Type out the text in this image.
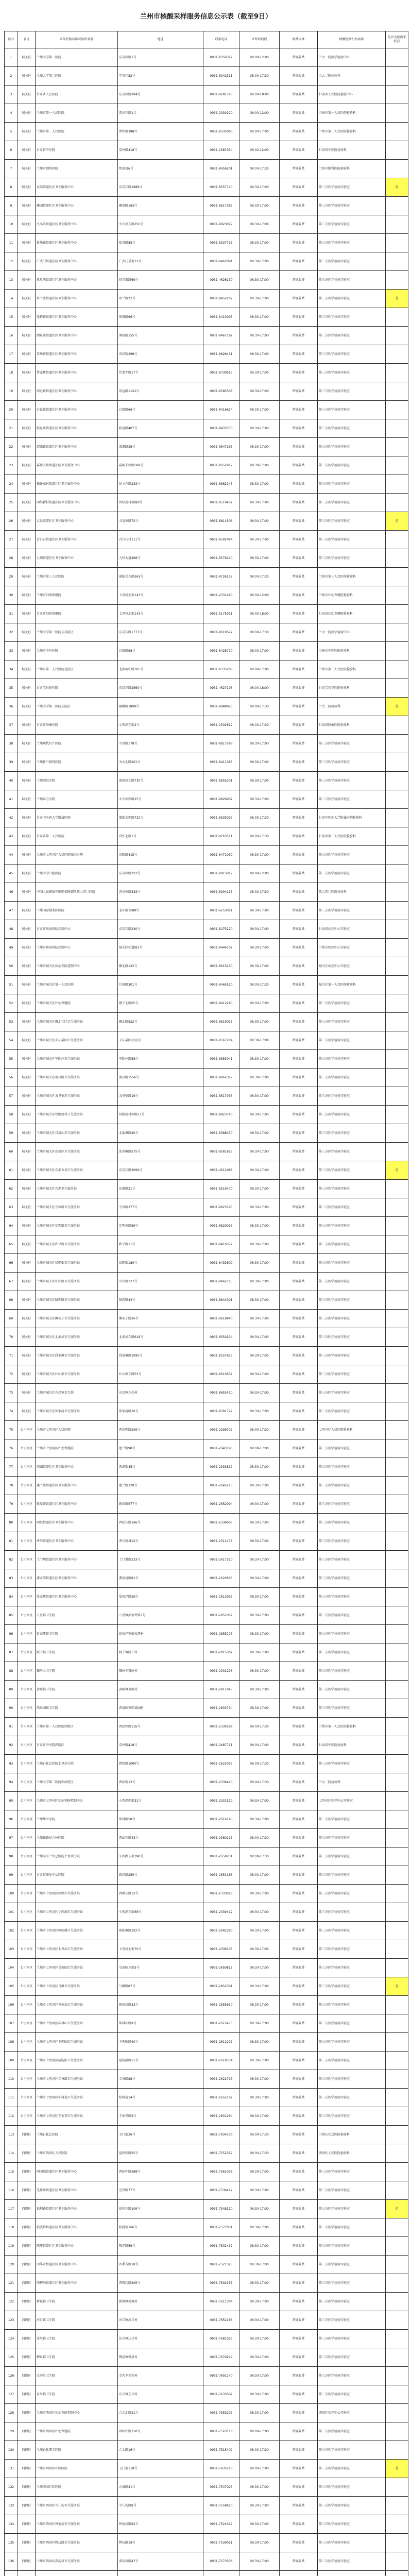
兰州市核酸采样服务信息公示表（截至9日）
序号	县区	采样机构名称或场所名称	地址	联系电话	采样时间段	收费标准	核酸检测机构名称	是否为最新采样点
1	城关区	兰州大学第一医院	东岗西路1号	0931-8356312	08:00-12:00	常规收费	兰大一院医学检验中心	
2	城关区	兰州大学第二医院	萃英门82号	0931-8942311	08:00-17:30	常规收费	兰大二院检验科	
3	城关区	甘肃省人民医院	东岗西路204号	0931-8281763	08:00-18:00	常规收费	甘肃省人民医院检验中心	
4	城关区	兰州市第一人民医院	西津东路1号	0931-2330120	08:00-12:00	常规收费	兰州市第一人民医院检验科	
5	城关区	兰州市第二人民医院	共和路388号	0931-8335060	08:00-17:00	常规收费	兰州市第二人民医院检验科	
6	城关区	甘肃省中医院	瓜州路418号	0931-2687034	08:00-12:00	常规收费	甘肃省中医院检验科	
7	城关区	兰州市肺科医院	焦家湾6号	0931-8456201	08:00-17:30	常规收费	兰州市肺科医院检验科	
8	城关区	东岗街道社区卫生服务中心	东岗东路1688号	0931-8557740	08:30-17:00	常规收费	第三方医学检验实验室	是
9	城关区	雁园街道社区卫生服务中心	雁南路163号	0931-8617382	08:30-17:00	常规收费	第三方医学检验实验室	
10	城关区	火车站街道社区卫生服务中心	火车站东路250号	0931-8823017	08:30-17:00	常规收费	第三方医学检验实验室	
11	城关区	盐场路街道社区卫生服务中心	盐场路85号	0931-8337716	08:30-17:00	常规收费	第三方医学检验实验室	
12	城关区	广武门街道社区卫生服务中心	广武门后街12号	0931-8462091	08:30-17:00	常规收费	第三方医学检验实验室	
13	城关区	拱星墩街道社区卫生服务中心	拱星墩路69号	0931-4626130	08:30-17:00	常规收费	第三方医学检验实验室	
14	城关区	皋兰路街道社区卫生服务中心	皋兰路22号	0931-8452207	08:30-17:00	常规收费	第三方医学检验实验室	是
15	城关区	张掖路街道社区卫生服务中心	张掖路96号	0931-8413095	08:30-17:00	常规收费	第三方医学检验实验室	
16	城关区	酒泉路街道社区卫生服务中心	酒泉路155号	0931-8467182	08:30-17:00	常规收费	第三方医学检验实验室	
17	城关区	草场街街道社区卫生服务中心	草场街298号	0931-8826431	08:30-17:00	常规收费	第三方医学检验实验室	
18	城关区	伏龙坪街道社区卫生服务中心	伏龙坪路17号	0931-8730925	08:30-17:00	常规收费	第三方医学检验实验室	
19	城关区	靖远路街道社区卫生服务中心	靖远路1122号	0931-8585308	08:30-17:00	常规收费	第三方医学检验实验室	
20	城关区	白银路街道社区卫生服务中心	白银路66号	0931-8416624	08:30-17:00	常规收费	第三方医学检验实验室	
21	城关区	临夏路街道社区卫生服务中心	临夏路407号	0931-8433750	08:30-17:00	常规收费	第三方医学检验实验室	
22	城关区	渭源路街道社区卫生服务中心	渭源路38号	0931-8847263	08:30-17:00	常规收费	第三方医学检验实验室	
23	城关区	嘉峪关路街道社区卫生服务中心	嘉峪关西路589号	0931-8652917	08:30-17:00	常规收费	第三方医学检验实验室	
24	城关区	铁路东村街道社区卫生服务中心	民主东路233号	0931-8862145	08:30-17:00	常规收费	第三方医学检验实验室	
25	城关区	团结新村街道社区卫生服务中心	团结新村南路8号	0931-8510432	08:30-17:00	常规收费	第三方医学检验实验室	
26	城关区	五泉街道社区卫生服务中心	五泉南路72号	0931-8814306	08:30-17:00	常规收费	第三方医学检验实验室	是
27	城关区	青白石街道社区卫生服务中心	青白石村111号	0931-8592044	08:30-17:00	常规收费	第三方医学检验实验室	
28	城关区	九州街道社区卫生服务中心	九州大道468号	0931-8576210	08:30-17:00	常规收费	第三方医学检验实验室	
29	城关区	兰州市第三人民医院	嘉峪关东路361号	0931-8726152	08:00-17:30	常规收费	兰州市第三人民医院检验科	
30	城关区	兰州市妇幼保健院	七里河北街143号	0931-2331460	08:00-12:00	常规收费	兰州市妇幼保健院检验科	
31	城关区	甘肃省妇幼保健院	七里河北街143号	0931-5175911	08:00-18:00	常规收费	甘肃省妇幼保健院检验科	
32	城关区	兰州大学第一医院东岗院区	东岗东路1777号	0931-8619522	08:00-17:30	常规收费	兰大一院医学检验中心	
33	城关区	兰州市中医医院	白银路98号	0931-8428710	08:00-17:00	常规收费	兰州市中医医院检验科	
34	城关区	兰州市第二人民医院北院区	北滨河中路305号	0931-8335288	08:00-17:00	常规收费	兰州市第二人民医院检验科	
35	城关区	甘肃宝石花医院	东岗东路2560号	0931-4627193	08:00-18:00	常规收费	甘肃宝石花医院检验科	
36	城关区	兰州大学第二医院东院区	雁滩路1899号	0931-8948023	08:00-17:30	常规收费	兰大二院检验科	是
37	城关区	甘肃省肿瘤医院	小西湖东街2号	0931-2302612	08:00-17:30	常规收费	甘肃省肿瘤医院检验科	
38	城关区	兰州现代妇产医院	平凉路178号	0931-8817566	08:30-17:00	常规收费	第三方医学检验实验室	
39	城关区	兰州新兰眼科医院	天水北路201号	0931-8411385	08:30-17:00	常规收费	第三方医学检验实验室	
40	城关区	兰州西京医院	南滨河东路730号	0931-8855201	08:30-17:00	常规收费	第三方医学检验实验室	
41	城关区	兰州东方医院	火车站西路25号	0931-8826902	08:30-17:00	常规收费	第三方医学检验实验室	
42	城关区	甘肃中医药大学附属医院	嘉峪关西路732号	0931-8635032	08:00-17:30	常规收费	甘肃中医药大学附属医院检验科	
43	城关区	甘肃省第二人民医院	合作北路1号	0931-8263511	08:00-17:30	常规收费	甘肃省第二人民医院检验科	
44	城关区	兰州市七里河区人民医院城关分院	庆阳路415号	0931-8471039	08:30-17:00	常规收费	第三方医学检验实验室	
45	城关区	兰州大学口腔医院	东岗西路222号	0931-8915017	08:00-12:00	常规收费	第三方医学检验实验室	
46	城关区	中国人民解放军联勤保障部队第九四〇医院	滨河南路333号	0931-8994213	08:00-17:30	常规收费	第九四〇医院检验科	
47	城关区	兰州国际港务区医院	北环路1508号	0931-6253011	08:30-17:00	常规收费	第三方医学检验实验室	
48	城关区	甘肃省疾病预防控制中心	东岗东路230号	0931-8275220	08:30-17:00	常规收费	甘肃省疾控中心实验室	
49	城关区	兰州市疾病预防控制中心	城关区柏道路2号	0931-8446702	08:30-17:00	常规收费	兰州市疾控中心实验室	
50	城关区	兰州市城关区疾病预防控制中心	雁北路122号	0931-8615230	08:30-17:00	常规收费	城关区疾控中心实验室	
51	城关区	兰州市城关区第一人民医院	甘南路301号	0931-8465520	08:00-17:30	常规收费	城关区第一人民医院检验科	
52	城关区	兰州市城关区妇幼保健院	静宁北路65号	0931-8412260	08:00-17:00	常规收费	第三方医学检验实验室	
53	城关区	兰州市城关区雁北社区卫生服务站	雁北路522号	0931-8619013	08:30-17:00	常规收费	第三方医学检验实验室	
54	城关区	兰州市城关区天庆嘉园卫生服务站	天庆嘉园小区内	0931-8567204	08:30-17:00	常规收费	第三方医学检验实验室	
55	城关区	兰州市城关区宁卧庄卫生服务站	宁卧庄路58号	0931-8853041	08:30-17:00	常规收费	第三方医学检验实验室	
56	城关区	兰州市城关区南昌路卫生服务站	南昌路1556号	0931-8862317	08:30-17:00	常规收费	第三方医学检验实验室	
57	城关区	兰州市城关区五里铺卫生服务站	五里铺路19号	0931-8517033	08:30-17:00	常规收费	第三方医学检验实验室	
58	城关区	兰州市城关区铁路新村卫生服务站	铁路新村西路13号	0931-8823740	08:30-17:00	常规收费	第三方医学检验实验室	
59	城关区	兰州市城关区白塔山卫生服务站	北面滩路40号	0931-8388150	08:30-17:00	常规收费	第三方医学检验实验室	
60	城关区	兰州市城关区高新区卫生服务站	张苏滩路575号	0931-8581623	08:30-17:00	常规收费	第三方医学检验实验室	
61	城关区	兰州市城关区东部市场卫生服务站	东岗东路3099号	0931-4612088	08:30-17:00	常规收费	第三方医学检验实验室	是
62	城关区	兰州市城关区东湖卫生服务站	东湖路21号	0931-8516470	08:30-17:00	常规收费	第三方医学检验实验室	
63	城关区	兰州市城关区平凉路卫生服务站	平凉路377号	0931-8823195	08:30-17:00	常规收费	第三方医学检验实验室	
64	城关区	兰州市城关区定西路卫生服务站	定西南路89号	0931-8829016	08:30-17:00	常规收费	第三方医学检验实验室	
65	城关区	兰州市城关区和平路卫生服务站	和平路11号	0931-8410372	08:30-17:00	常规收费	第三方医学检验实验室	
66	城关区	兰州市城关区民勤街卫生服务站	民勤街180号	0931-8433609	08:30-17:00	常规收费	第三方医学检验实验室	
67	城关区	兰州市城关区中山路卫生服务站	中山路127号	0931-8462715	08:30-17:00	常规收费	第三方医学检验实验室	
68	城关区	兰州市城关区陇西路卫生服务站	陇西路44号	0931-8844301	08:30-17:00	常规收费	第三方医学检验实验室	
69	城关区	兰州市城关区滩尖子卫生服务站	滩尖子路26号	0931-8619840	08:30-17:00	常规收费	第三方医学检验实验室	
70	城关区	兰州市城关区北滨河卫生服务站	北滨河东路618号	0931-8550234	08:30-17:00	常规收费	第三方医学检验实验室	
71	城关区	兰州市城关区段家滩卫生服务站	段家滩路1090号	0931-8557613	08:30-17:00	常规收费	第三方医学检验实验室	
72	城关区	兰州市城关区红山根卫生服务站	红山根东路53号	0931-8619507	08:30-17:00	常规收费	第三方医学检验实验室	
73	城关区	兰州市城关区东岗镇卫生院	东岗镇东岗村	0931-8653410	08:30-17:00	常规收费	第三方医学检验实验室	
74	城关区	兰州市城关区徐家湾卫生服务站	徐家湾路36号	0931-8391722	08:30-17:00	常规收费	第三方医学检验实验室	
75	七里河区	兰州市七里河区人民医院	西津西路209号	0931-2336702	08:00-17:30	常规收费	七里河区人民医院检验科	
76	七里河区	兰州市七里河区妇幼保健院	建兰路98号	0931-2643190	08:00-17:00	常规收费	第三方医学检验实验室	
77	七里河区	西湖街道社区卫生服务中心	西湖街45号	0931-2333817	08:30-17:00	常规收费	第三方医学检验实验室	
78	七里河区	建兰路街道社区卫生服务中心	建兰路320号	0931-2645213	08:30-17:00	常规收费	第三方医学检验实验室	
79	七里河区	敦煌路街道社区卫生服务中心	敦煌路577号	0931-2652094	08:30-17:00	常规收费	第三方医学检验实验室	
80	七里河区	西站街道社区卫生服务中心	西站东路166号	0931-2334605	08:30-17:00	常规收费	第三方医学检验实验室	
81	七里河区	秀川街道社区卫生服务中心	秀川新城12号	0931-2311478	08:30-17:00	常规收费	第三方医学检验实验室	
82	七里河区	土门墩街道社区卫生服务中心	土门墩路233号	0931-2617320	08:30-17:00	常规收费	第三方医学检验实验室	
83	七里河区	龚家湾街道社区卫生服务中心	龚家湾路81号	0931-2620563	08:30-17:00	常规收费	第三方医学检验实验室	
84	七里河区	晏家坪街道社区卫生服务中心	晏家坪路29号	0931-2613092	08:30-17:00	常规收费	第三方医学检验实验室	
85	七里河区	八里镇卫生院	八里镇彭家坪路7号	0931-2851037	08:30-17:00	常规收费	第三方医学检验实验室	
86	七里河区	彭家坪镇卫生院	彭家坪镇彭家坪村	0931-2855176	08:30-17:00	常规收费	第三方医学检验实验室	
87	七里河区	阿干镇卫生院	阿干镇阿干村	0931-2815302	08:30-17:00	常规收费	第三方医学检验实验室	
88	七里河区	魏岭乡卫生院	魏岭乡魏岭村	0931-2901236	08:30-17:00	常规收费	第三方医学检验实验室	
89	七里河区	黄峪镇卫生院	黄峪镇黄峪村	0931-2911045	08:30-17:00	常规收费	第三方医学检验实验室	
90	七里河区	西果园镇卫生院	西果园镇西果园村	0931-2833714	08:30-17:00	常规收费	第三方医学检验实验室	
91	七里河区	兰州市第一人民医院西院区	西站西路116号	0931-2330188	08:00-17:30	常规收费	兰州市第一人民医院检验科	
92	七里河区	甘肃省中医院西院区	瓜州路418号	0931-2687711	08:00-17:00	常规收费	甘肃省中医院检验科	
93	七里河区	兰州石化总医院七里河分院	敦煌路1000号	0931-2622035	08:00-17:30	常规收费	第三方医学检验实验室	
94	七里河区	兰州大学第二医院西站院区	西站街12号	0931-2336440	08:00-17:30	常规收费	兰大二院检验科	
95	七里河区	兰州市七里河区疾病预防控制中心	小西湖西街31号	0931-2331529	08:30-17:00	常规收费	七里河区疾控中心实验室	
96	七里河区	兰州华立医院	华林路58号	0931-2616740	08:30-17:00	常规收费	第三方医学检验实验室	
97	七里河区	兰州铁路局兰州医院	西站东路43号	0931-2360125	08:00-17:30	常规收费	第三方医学检验实验室	
98	七里河区	兰州军区兰州总医院七里河分院	小西湖东街398号	0931-2650231	08:00-17:30	常规收费	第三方医学检验实验室	
99	七里河区	甘肃省康复中心医院	敦煌路250号	0931-2651188	08:00-17:00	常规收费	第三方医学检验实验室	
100	七里河区	兰州市七里河区西湖卫生服务站	西湖东路12号	0931-2333018	08:30-17:00	常规收费	第三方医学检验实验室	
101	七里河区	兰州市七里河区小西湖卫生服务站	小西湖东街66号	0931-2339412	08:30-17:00	常规收费	第三方医学检验实验室	
102	七里河区	兰州市七里河区骆驼滩卫生服务站	骆驼滩路102号	0931-2642390	08:30-17:00	常规收费	第三方医学检验实验室	
103	七里河区	兰州市七里河区七里河卫生服务站	七里河北街70号	0931-2336105	08:30-17:00	常规收费	第三方医学检验实验室	
104	七里河区	兰州市七里河区吴家园卫生服务站	吴家园东街5号	0931-2650817	08:30-17:00	常规收费	第三方医学检验实验室	
105	七里河区	兰州市七里河区马滩卫生服务站	马滩路87号	0931-2852301	08:30-17:00	常规收费	第三方医学检验实验室	是
106	七里河区	兰州市七里河区崔家崖卫生服务站	崔家崖路33号	0931-2855630	08:30-17:00	常规收费	第三方医学检验实验室	
107	七里河区	兰州市七里河区华林山卫生服务站	华林山路9号	0931-2612473	08:30-17:00	常规收费	第三方医学检验实验室	
108	七里河区	兰州市七里河区下西园卫生服务站	下西园路40号	0931-2611207	08:30-17:00	常规收费	第三方医学检验实验室	
109	七里河区	兰州市七里河区硷沟沿卫生服务站	硷沟沿路51号	0931-2619534	08:30-17:00	常规收费	第三方医学检验实验室	
110	七里河区	兰州市七里河区工林路卫生服务站	工林路88号	0931-2622716	08:30-17:00	常规收费	第三方医学检验实验室	
111	七里河区	兰州市七里河区柏树巷卫生服务站	柏树巷14号	0931-2655102	08:30-17:00	常规收费	第三方医学检验实验室	
112	七里河区	兰州市七里河区王家堡卫生服务站	王家堡路3号	0931-2831264	08:30-17:00	常规收费	第三方医学检验实验室	
113	西固区	兰州石化总医院	玉门街26号	0931-7934100	08:00-17:30	常规收费	兰州石化总医院检验科	
114	西固区	兰州市西固区人民医院	福利西路55号	0931-7552312	08:00-17:30	常规收费	西固区人民医院检验科	
115	西固区	西固城街道社区卫生服务中心	西固中路388号	0931-7561036	08:30-17:00	常规收费	第三方医学检验实验室	
116	西固区	先锋路街道社区卫生服务中心	先锋路77号	0931-7536412	08:30-17:00	常规收费	第三方医学检验实验室	
117	西固区	福利路街道社区卫生服务中心	福利东路109号	0931-7548210	08:30-17:00	常规收费	第三方医学检验实验室	是
118	西固区	临洮街街道社区卫生服务中心	临洮街166号	0931-7577031	08:30-17:00	常规收费	第三方医学检验实验室	
119	西固区	陈坪街道社区卫生服务中心	陈坪路59号	0931-7502417	08:30-17:00	常规收费	第三方医学检验实验室	
120	西固区	四季青街道社区卫生服务中心	四季青路18号	0931-7521325	08:30-17:00	常规收费	第三方医学检验实验室	
121	西固区	西柳沟街道社区卫生服务中心	西柳沟路205号	0931-7602158	08:30-17:00	常规收费	第三方医学检验实验室	
122	西固区	新城镇卫生院	新城镇新城村	0931-7611304	08:30-17:00	常规收费	第三方医学检验实验室	
123	西固区	河口镇卫生院	河口镇河口村	0931-7652186	08:30-17:00	常规收费	第三方医学检验实验室	
124	西固区	达川镇卫生院	达川镇达川村	0931-7681023	08:30-17:00	常规收费	第三方医学检验实验室	
125	西固区	柳泉镇卫生院	柳泉镇柳泉村	0931-7670249	08:30-17:00	常规收费	第三方医学检验实验室	
126	西固区	金沟乡卫生院	金沟乡金沟村	0931-7691140	08:30-17:00	常规收费	第三方医学检验实验室	
127	西固区	东川镇卫生院	东川镇东川村	0931-7633502	08:30-17:00	常规收费	第三方医学检验实验室	
128	西固区	兰州市西固区疾病预防控制中心	合水北路21号	0931-7553207	08:30-17:00	常规收费	西固区疾控中心实验室	
129	西固区	兰州市西固区妇幼保健院	西固中路150号	0931-7563118	08:00-17:00	常规收费	第三方医学检验实验室	
130	西固区	兰州石化职工医院	合水路16号	0931-7515402	08:00-17:30	常规收费	第三方医学检验实验室	
131	西固区	兰州市西固区中医医院	玉门街118号	0931-7935216	08:00-17:00	常规收费	第三方医学检验实验室	是
132	西固区	兰州西固仁和医院	古浪路31号	0931-7547023	08:30-17:00	常规收费	第三方医学检验实验室	
133	西固区	兰州市西固区寺儿沟卫生服务站	寺儿沟路8号	0931-7558610	08:30-17:00	常规收费	第三方医学检验实验室	
134	西固区	兰州市西固区钟家河卫生服务站	钟家河路62号	0931-7524317	08:30-17:00	常规收费	第三方医学检验实验室	
135	西固区	兰州市西固区牌坊路卫生服务站	牌坊路19号	0931-7539021	08:30-17:00	常规收费	第三方医学检验实验室	
136	西固区	兰州市西固区深沟桥卫生服务站	深沟桥路47号	0931-7573506	08:30-17:00	常规收费	第三方医学检验实验室	
